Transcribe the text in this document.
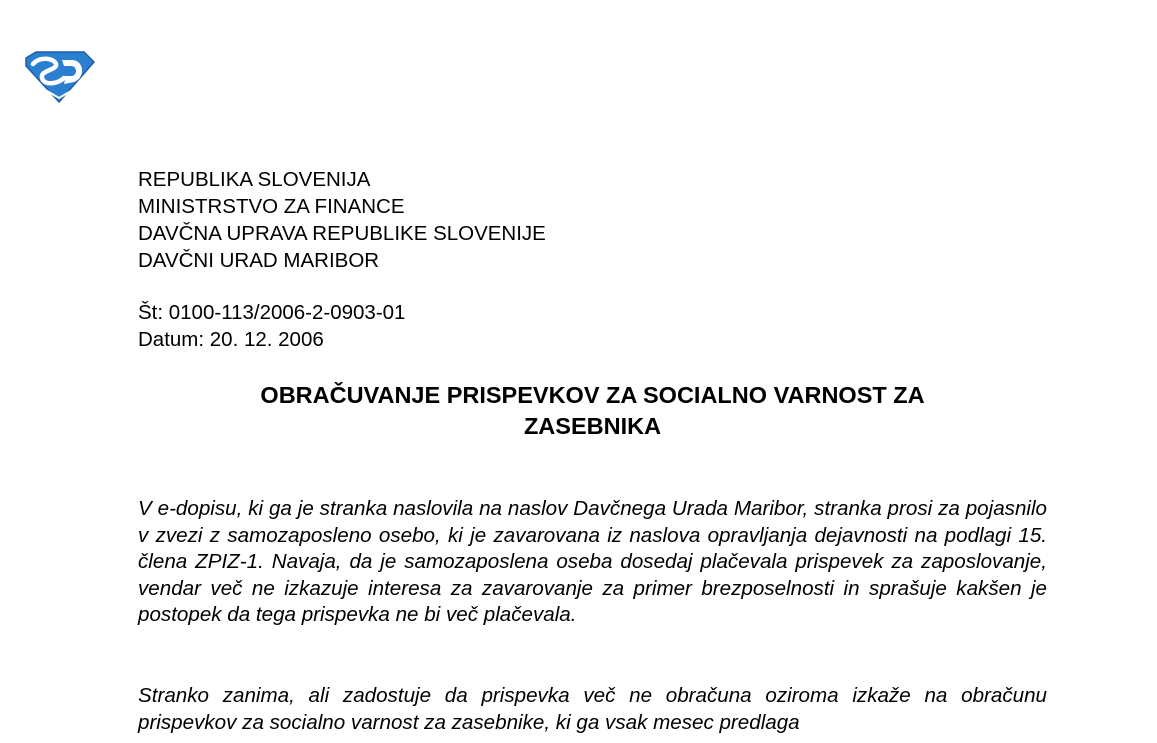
REPUBLIKA SLOVENIJA
MINISTRSTVO ZA FINANCE
DAVČNA UPRAVA REPUBLIKE SLOVENIJE
DAVČNI URAD MARIBOR
Št: 0100-113/2006-2-0903-01
Datum: 20. 12. 2006
OBRAČUVANJE PRISPEVKOV ZA SOCIALNO VARNOST ZA
ZASEBNIKA

V e-dopisu, ki ga je stranka naslovila na naslov Davčnega Urada Maribor, stranka prosi za pojasnilo v zvezi z samozaposleno osebo, ki je zavarovana iz naslova opravljanja dejavnosti na podlagi 15. člena ZPIZ-1. Navaja, da je samozaposlena oseba dosedaj plačevala prispevek za zaposlovanje, vendar več ne izkazuje interesa za zavarovanje za primer brezposelnosti in sprašuje kakšen je postopek da tega prispevka ne bi več plačevala.

Stranko zanima, ali zadostuje da prispevka več ne obračuna oziroma izkaže na obračunu prispevkov za socialno varnost za zasebnike, ki ga vsak mesec predlaga
